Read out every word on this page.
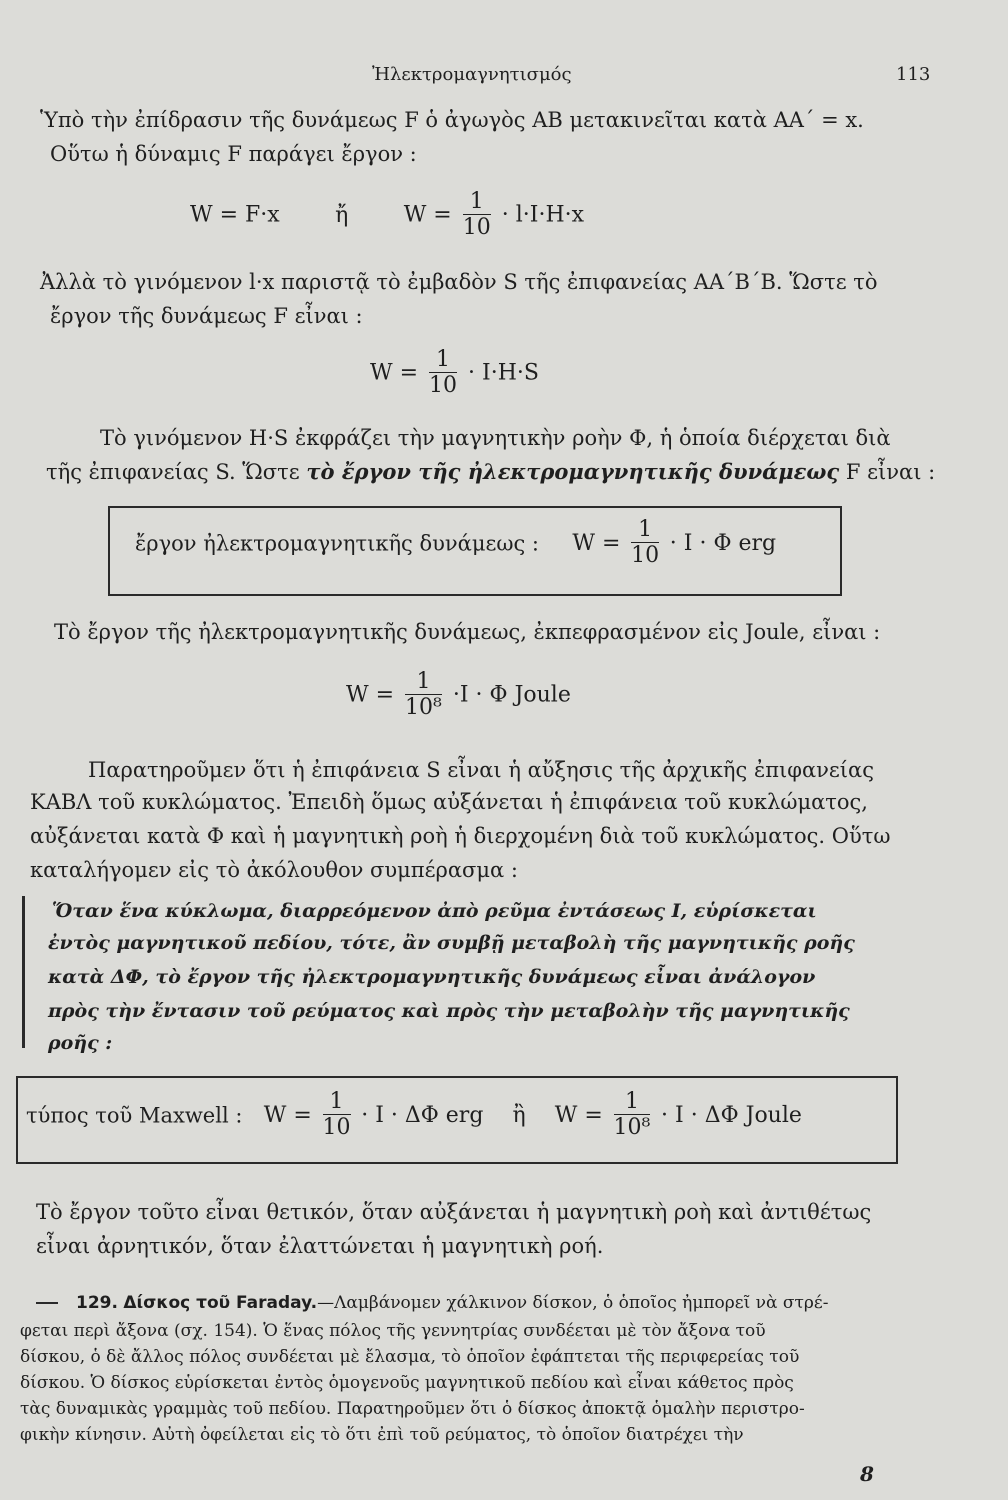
Ἠλεκτρομαγνητισμός	113
Ὑπὸ τὴν ἐπίδρασιν τῆς δυνάμεως F ὁ ἀγωγὸς AB μετακινεῖται κατὰ AA΄ = x.
Οὕτω ἡ δύναμις F παράγει ἔργον :
W = F·x	ἤ	$W = \frac{1}{10} \cdot l\cdot I\cdot H\cdot x$
Ἀλλὰ τὸ γινόμενον l·x παριστᾷ τὸ ἐμβαδὸν S τῆς ἐπιφανείας AA΄B΄B. Ὥστε τὸ
ἔργον τῆς δυνάμεως F εἶναι :
$W = \frac{1}{10} \cdot I\cdot H\cdot S$
Τὸ γινόμενον H·S ἐκφράζει τὴν μαγνητικὴν ροὴν Φ, ἡ ὁποία διέρχεται διὰ
τῆς ἐπιφανείας S. Ὥστε τὸ ἔργον τῆς ἠλεκτρομαγνητικῆς δυνάμεως F εἶναι :
ἔργον ἠλεκτρομαγνητικῆς δυνάμεως : $W = \frac{1}{10} \cdot I \cdot \Phi$ erg
Τὸ ἔργον τῆς ἠλεκτρομαγνητικῆς δυνάμεως, ἐκπεφρασμένον εἰς Joule, εἶναι :
$W = \frac{1}{\text{10⁸}} \cdot I \cdot \Phi$ Joule
Παρατηροῦμεν ὅτι ἡ ἐπιφάνεια S εἶναι ἡ αὔξησις τῆς ἀρχικῆς ἐπιφανείας
ΚΑΒΛ τοῦ κυκλώματος. Ἐπειδὴ ὅμως αὐξάνεται ἡ ἐπιφάνεια τοῦ κυκλώματος,
αὐξάνεται κατὰ Φ καὶ ἡ μαγνητικὴ ροὴ ἡ διερχομένη διὰ τοῦ κυκλώματος. Οὕτω
καταλήγομεν εἰς τὸ ἀκόλουθον συμπέρασμα :
Ὅταν ἕνα κύκλωμα, διαρρεόμενον ἀπὸ ρεῦμα ἐντάσεως I, εὑρίσκεται
ἐντὸς μαγνητικοῦ πεδίου, τότε, ἂν συμβῇ μεταβολὴ τῆς μαγνητικῆς ροῆς
κατὰ ΔΦ, τὸ ἔργον τῆς ἠλεκτρομαγνητικῆς δυνάμεως εἶναι ἀνάλογον
πρὸς τὴν ἔντασιν τοῦ ρεύματος καὶ πρὸς τὴν μεταβολὴν τῆς μαγνητικῆς
ροῆς :
τύπος τοῦ Maxwell : $W = \frac{1}{10} \cdot I \cdot \Delta\Phi$ erg ἢ $W = \frac{1}{\text{10⁸}} \cdot I \cdot \Delta\Phi$ Joule
Τὸ ἔργον τοῦτο εἶναι θετικόν, ὅταν αὐξάνεται ἡ μαγνητικὴ ροὴ καὶ ἀντιθέτως
εἶναι ἀρνητικόν, ὅταν ἐλαττώνεται ἡ μαγνητικὴ ροή.
129. Δίσκος τοῦ Faraday.—Λαμβάνομεν χάλκινον δίσκον, ὁ ὁποῖος ἠμπορεῖ νὰ στρέ-
φεται περὶ ἄξονα (σχ. 154). Ὁ ἕνας πόλος τῆς γεννητρίας συνδέεται μὲ τὸν ἄξονα τοῦ
δίσκου, ὁ δὲ ἄλλος πόλος συνδέεται μὲ ἔλασμα, τὸ ὁποῖον ἐφάπτεται τῆς περιφερείας τοῦ
δίσκου. Ὁ δίσκος εὑρίσκεται ἐντὸς ὁμογενοῦς μαγνητικοῦ πεδίου καὶ εἶναι κάθετος πρὸς
τὰς δυναμικὰς γραμμὰς τοῦ πεδίου. Παρατηροῦμεν ὅτι ὁ δίσκος ἀποκτᾷ ὁμαλὴν περιστρο-
φικὴν κίνησιν. Αὐτὴ ὀφείλεται εἰς τὸ ὅτι ἐπὶ τοῦ ρεύματος, τὸ ὁποῖον διατρέχει τὴν
8
